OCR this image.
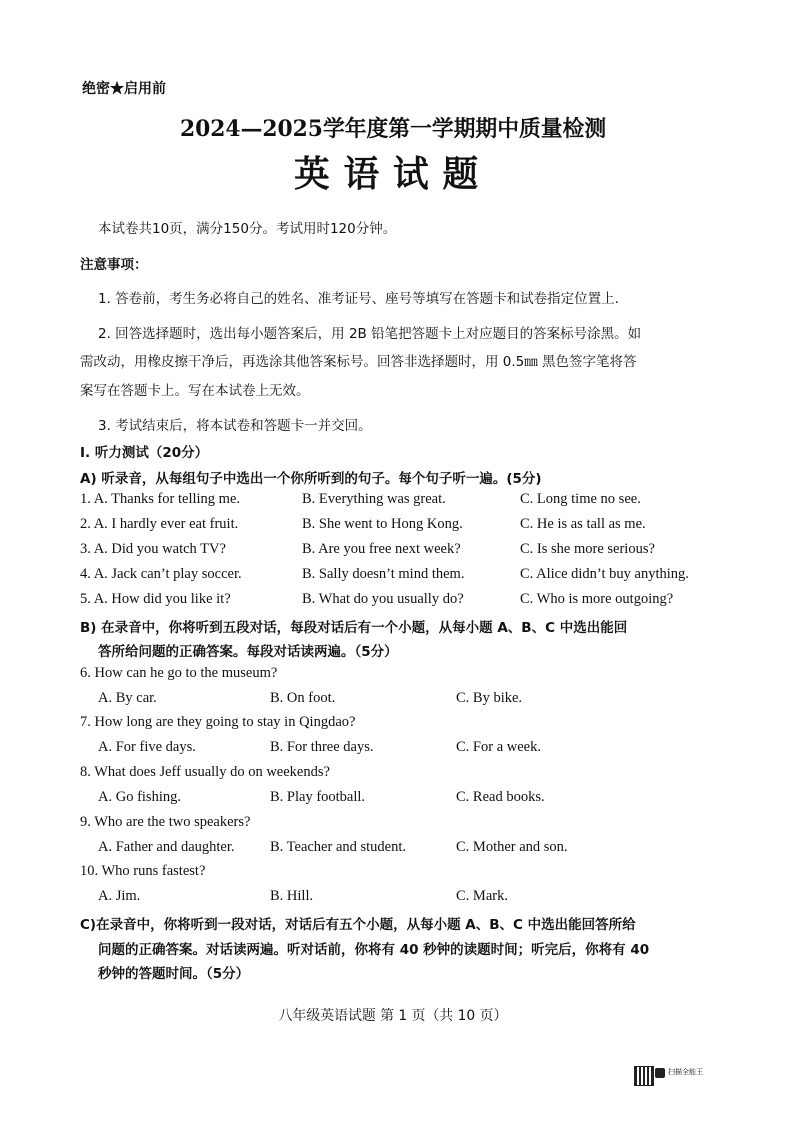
绝密★启用前
2024—2025学年度第一学期期中质量检测
英语试题
本试卷共10页，满分150分。考试用时120分钟。
注意事项：
1. 答卷前，考生务必将自己的姓名、准考证号、座号等填写在答题卡和试卷指定位置上.
2. 回答选择题时，选出每小题答案后，用 2B 铅笔把答题卡上对应题目的答案标号涂黑。如
需改动，用橡皮擦干净后，再选涂其他答案标号。回答非选择题时，用 0.5㎜ 黑色签字笔将答
案写在答题卡上。写在本试卷上无效。
3. 考试结束后，将本试卷和答题卡一并交回。
I. 听力测试（20分）
A) 听录音，从每组句子中选出一个你所听到的句子。每个句子听一遍。(5分)
1. A. Thanks for telling me.	B. Everything was great.	C. Long time no see.
2. A. I hardly ever eat fruit.	B. She went to Hong Kong.	C. He is as tall as me.
3. A. Did you watch TV?	B. Are you free next week?	C. Is she more serious?
4. A. Jack can’t play soccer.	B. Sally doesn’t mind them.	C. Alice didn’t buy anything.
5. A. How did you like it?	B. What do you usually do?	C. Who is more outgoing?
B) 在录音中，你将听到五段对话，每段对话后有一个小题，从每小题 A、B、C 中选出能回
答所给问题的正确答案。每段对话读两遍。（5分）
6. How can he go to the museum?
A. By car.	B. On foot.	C. By bike.
7. How long are they going to stay in Qingdao?
A. For five days.	B. For three days.	C. For a week.
8. What does Jeff usually do on weekends?
A. Go fishing.	B. Play football.	C. Read books.
9. Who are the two speakers?
A. Father and daughter. B. Teacher and student.	C. Mother and son.
10. Who runs fastest?
A. Jim.	B. Hill.	C. Mark.
C)在录音中，你将听到一段对话，对话后有五个小题，从每小题 A、B、C 中选出能回答所给
问题的正确答案。对话读两遍。听对话前，你将有 40 秒钟的读题时间；听完后，你将有 40
秒钟的答题时间。（5分）
八年级英语试题 第 1 页（共 10 页）
扫描全能王
